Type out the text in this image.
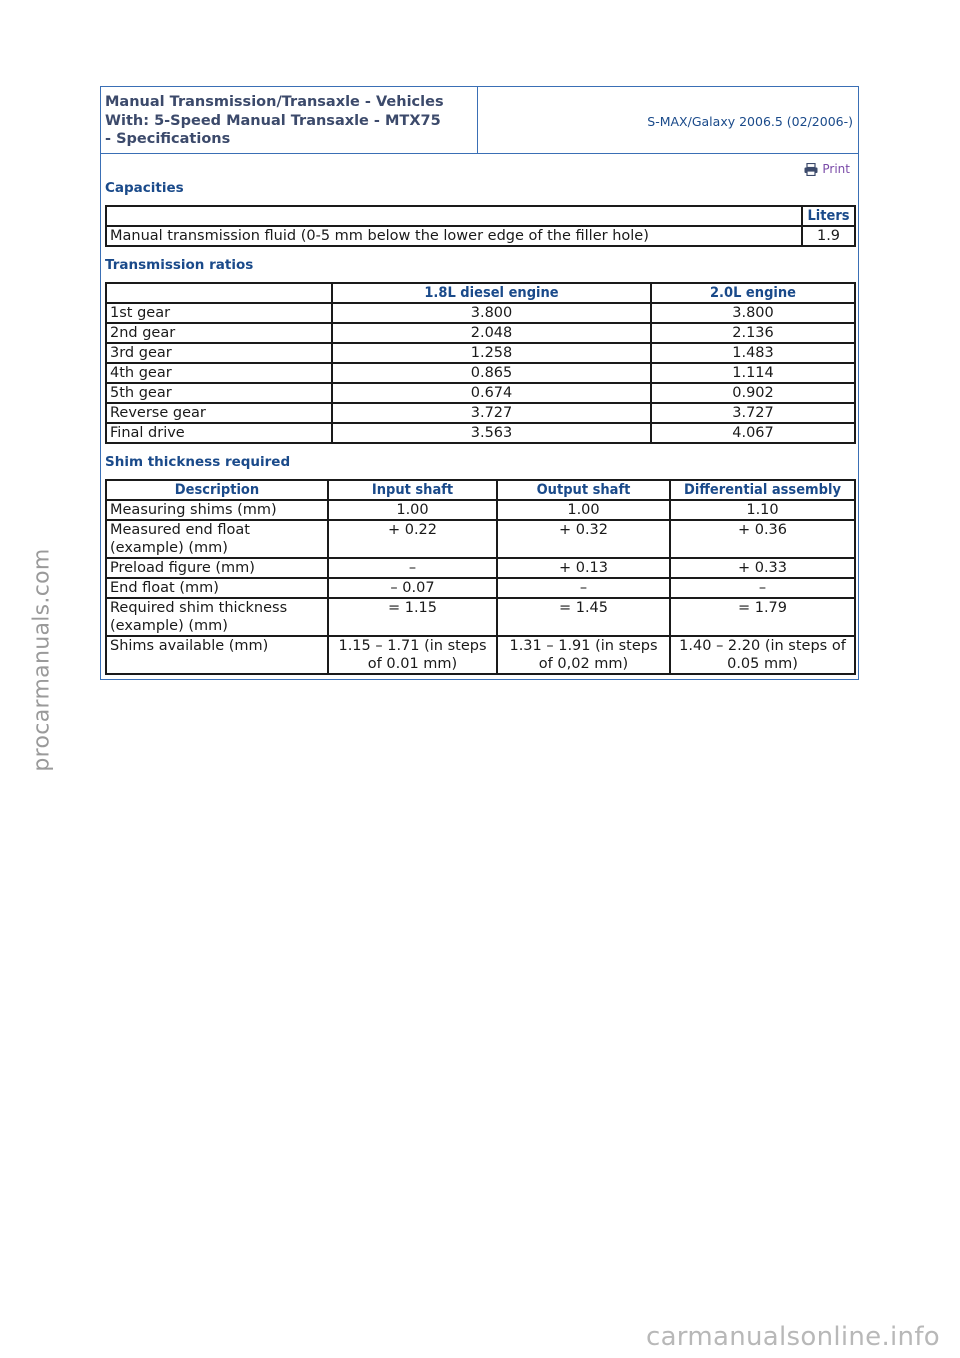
Manual Transmission/Transaxle - Vehicles
With: 5-Speed Manual Transaxle - MTX75
- Specifications
S-MAX/Galaxy 2006.5 (02/2006-)
Print
Capacities
	Liters
Manual transmission fluid (0-5 mm below the lower edge of the filler hole)	1.9
Transmission ratios
	1.8L diesel engine	2.0L engine
1st gear	3.800	3.800
2nd gear	2.048	2.136
3rd gear	1.258	1.483
4th gear	0.865	1.114
5th gear	0.674	0.902
Reverse gear	3.727	3.727
Final drive	3.563	4.067
Shim thickness required
Description	Input shaft	Output shaft	Differential assembly
Measuring shims (mm)	1.00	1.00	1.10
Measured end float (example) (mm)	+ 0.22	+ 0.32	+ 0.36
Preload figure (mm)	–	+ 0.13	+ 0.33
End float (mm)	– 0.07	–	–
Required shim thickness (example) (mm)	= 1.15	= 1.45	= 1.79
Shims available (mm)	1.15 – 1.71 (in steps of 0.01 mm)	1.31 – 1.91 (in steps of 0,02 mm)	1.40 – 2.20 (in steps of 0.05 mm)
procarmanuals.com
carmanualsonline.info
